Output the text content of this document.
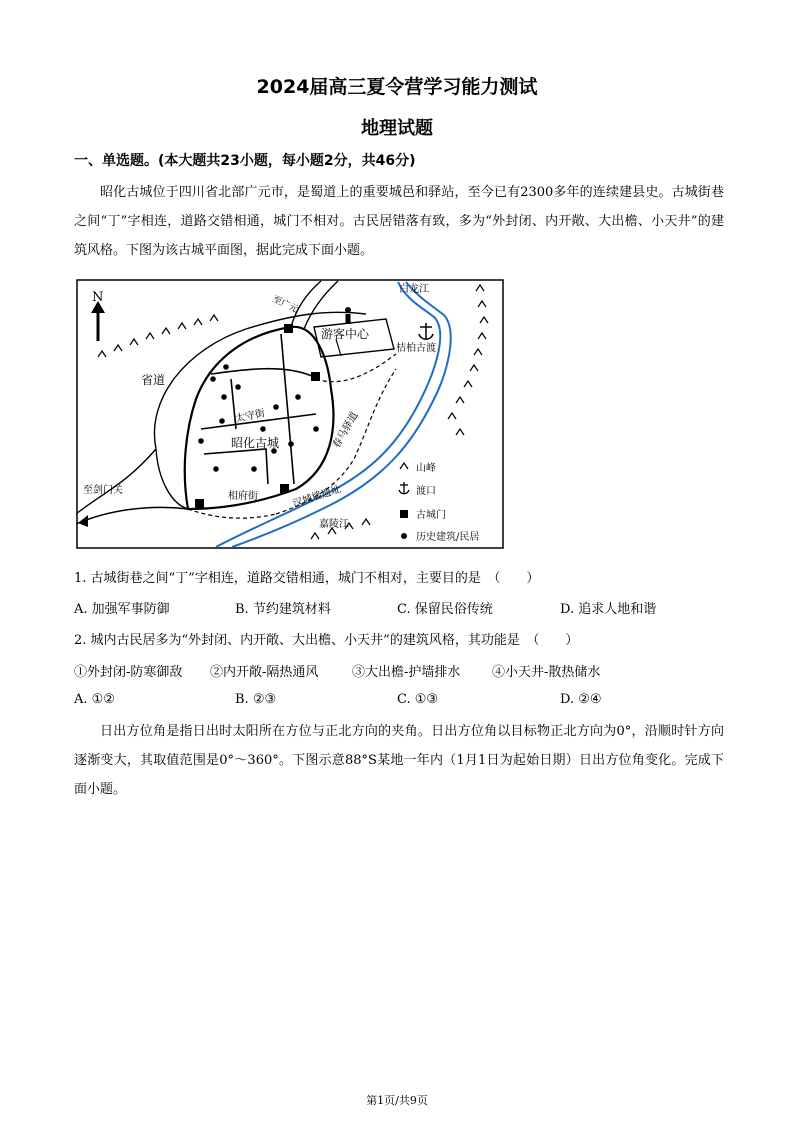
2024届高三夏令营学习能力测试
地理试题
一、单选题。(本大题共23小题，每小题2分，共46分)
昭化古城位于四川省北部广元市，是蜀道上的重要城邑和驿站，至今已有2300多年的连续建县史。古城街巷之间“丁”字相连，道路交错相通，城门不相对。古民居错落有致，多为“外封闭、内开敞、大出檐、小天井”的建筑风格。下图为该古城平面图，据此完成下面小题。
N
白龙江
至广元
游客中心
桔柏古渡
省道
太守街
昭化古城	春马驿道
至剑门关
相府街	汉城墙遗址
嘉陵江
山峰
渡口
古城门
历史建筑/民居
1. 古城街巷之间“丁”字相连，道路交错相通，城门不相对，主要目的是　（　　）
A. 加强军事防御	B. 节约建筑材料	C. 保留民俗传统	D. 追求人地和谐
2. 城内古民居多为“外封闭、内开敞、大出檐、小天井”的建筑风格，其功能是　（　　）
①外封闭-防寒御敌 ②内开敞-隔热通风	③大出檐-护墙排水 ④小天井-散热储水
A. ①②	B. ②③	C. ①③	D. ②④
日出方位角是指日出时太阳所在方位与正北方向的夹角。日出方位角以目标物正北方向为0°，沿顺时针方向逐渐变大，其取值范围是0°～360°。下图示意88°S某地一年内（1月1日为起始日期）日出方位角变化。完成下面小题。
第1页/共9页
